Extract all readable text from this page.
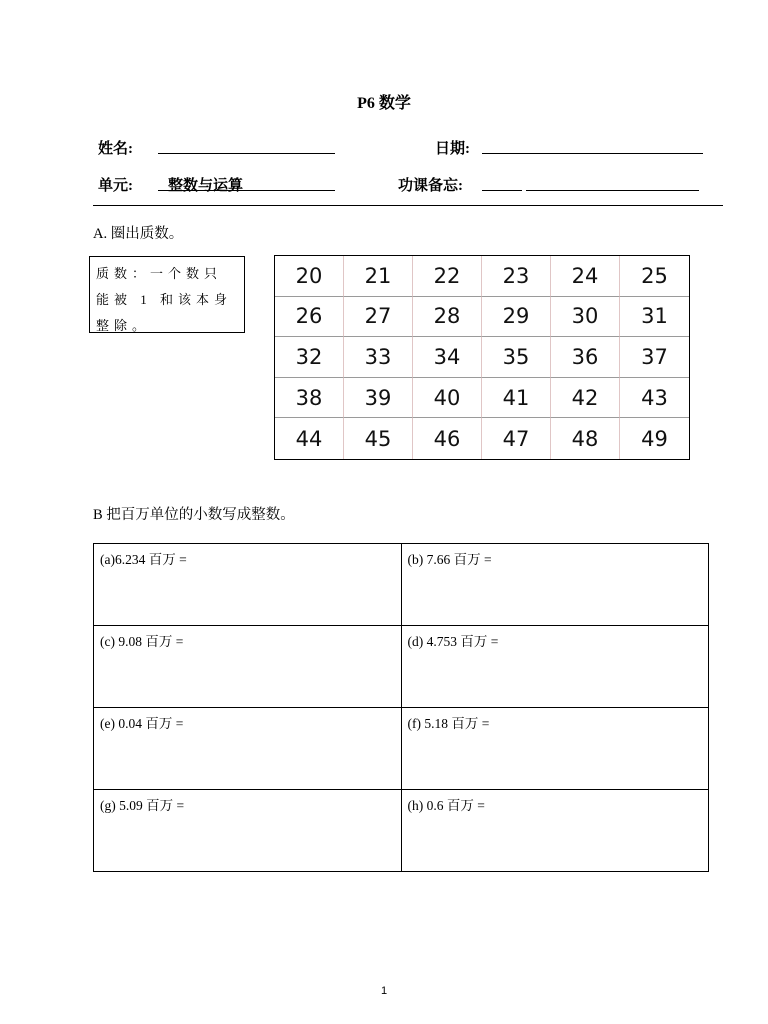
P6 数学
姓名:	日期:
单元: 整数与运算	功课备忘:
A. 圈出质数。
质数：一个数只能被 1 和该本身整除。
20	21	22	23	24	25
26	27	28	29	30	31
32	33	34	35	36	37
38	39	40	41	42	43
44	45	46	47	48	49
B 把百万单位的小数写成整数。
(a)6.234 百万 =	(b) 7.66 百万 =
(c) 9.08 百万 =	(d) 4.753 百万 =
(e) 0.04 百万 =	(f) 5.18 百万 =
(g) 5.09 百万 =	(h) 0.6 百万 =
1
